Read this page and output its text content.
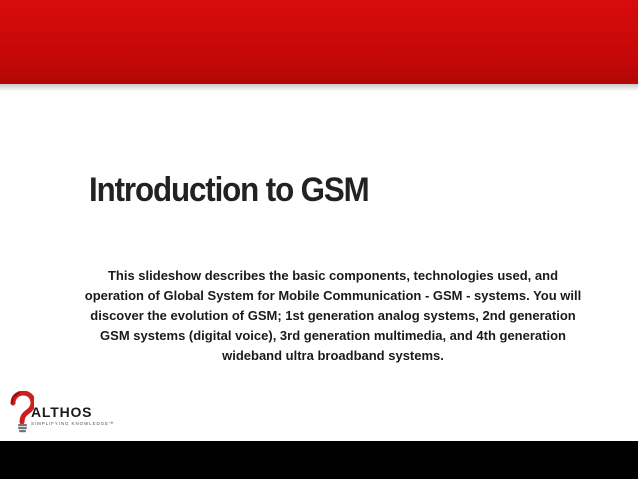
Introduction to GSM

This slideshow describes the basic components, technologies used, and operation of Global System for Mobile Communication - GSM - systems. You will discover the evolution of GSM; 1st generation analog systems, 2nd generation GSM systems (digital voice), 3rd generation multimedia, and 4th generation wideband ultra broadband systems.

ALTHOS
SIMPLIFYING KNOWLEDGE™
